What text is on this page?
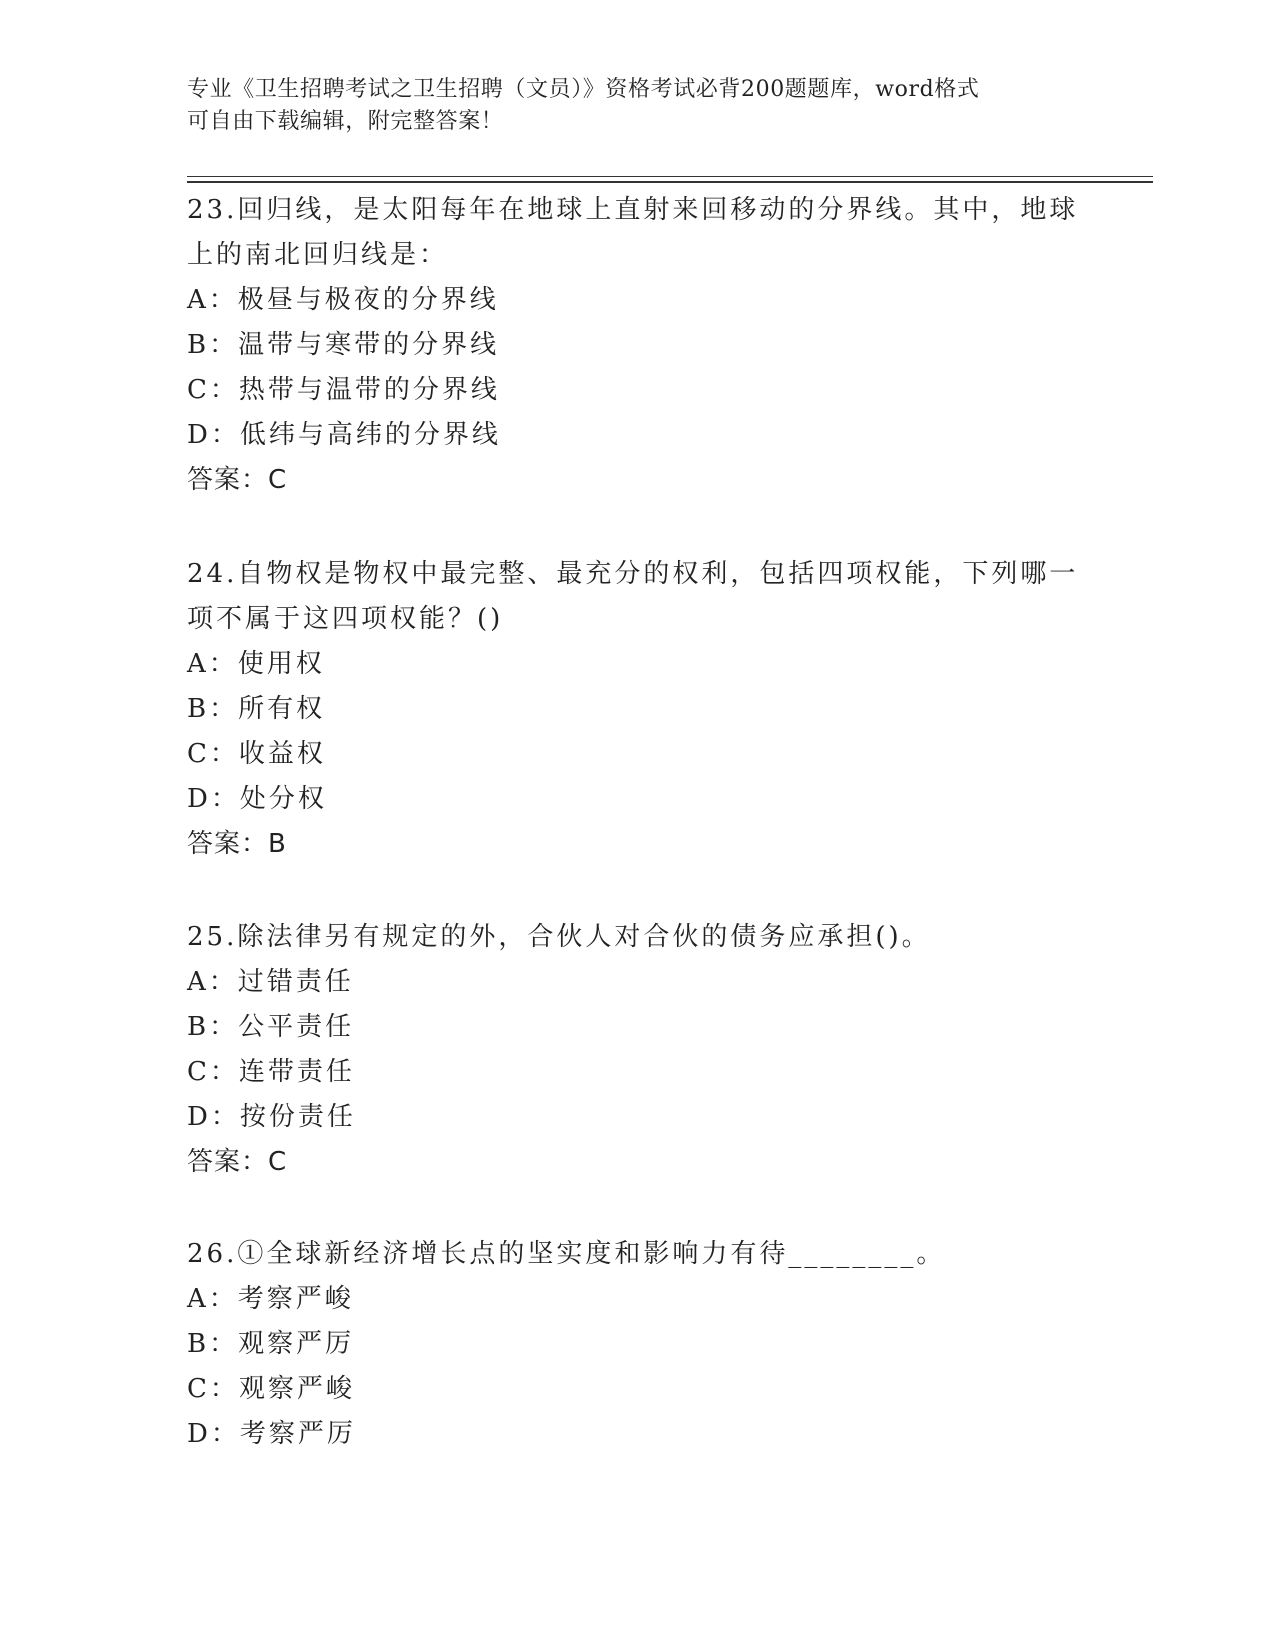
专业《卫生招聘考试之卫生招聘（文员）》资格考试必背200题题库，word格式
可自由下载编辑，附完整答案！
23.回归线，是太阳每年在地球上直射来回移动的分界线。其中，地球
上的南北回归线是：
A：极昼与极夜的分界线
B：温带与寒带的分界线
C：热带与温带的分界线
D：低纬与高纬的分界线
答案：C
24.自物权是物权中最完整、最充分的权利，包括四项权能，下列哪一
项不属于这四项权能？()
A：使用权
B：所有权
C：收益权
D：处分权
答案：B
25.除法律另有规定的外，合伙人对合伙的债务应承担()。
A：过错责任
B：公平责任
C：连带责任
D：按份责任
答案：C
26.①全球新经济增长点的坚实度和影响力有待________。
A：考察严峻
B：观察严厉
C：观察严峻
D：考察严厉
